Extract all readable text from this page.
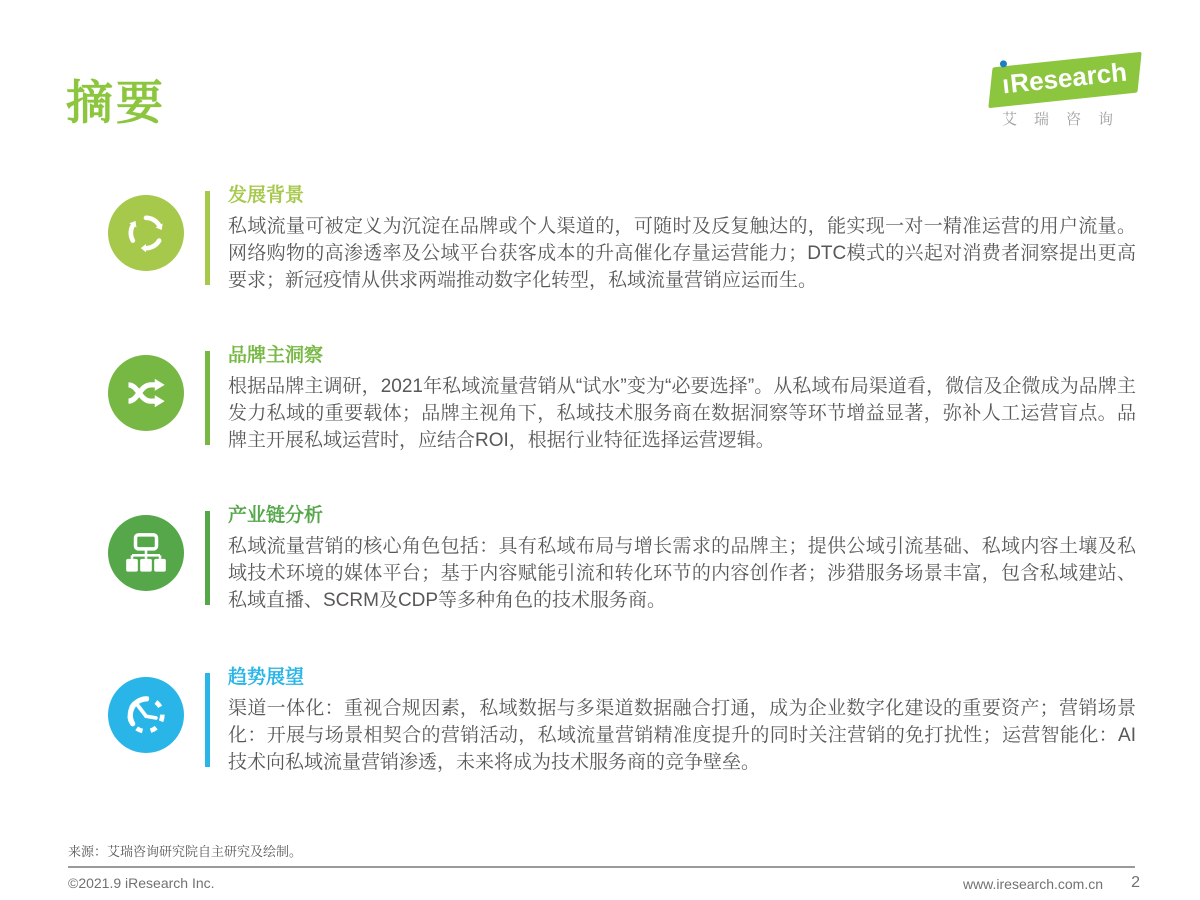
摘要	ı
Research
艾瑞咨询

发展背景

私域流量可被定义为沉淀在品牌或个人渠道的，可随时及反复触达的，能实现一对一精准运营的用户流量。网络购物的高渗透率及公域平台获客成本的升高催化存量运营能力；DTC模式的兴起对消费者洞察提出更高要求；新冠疫情从供求两端推动数字化转型，私域流量营销应运而生。

品牌主洞察

根据品牌主调研，2021年私域流量营销从“试水”变为“必要选择”。从私域布局渠道看，微信及企微成为品牌主发力私域的重要载体；品牌主视角下，私域技术服务商在数据洞察等环节增益显著，弥补人工运营盲点。品牌主开展私域运营时，应结合ROI，根据行业特征选择运营逻辑。

产业链分析

私域流量营销的核心角色包括：具有私域布局与增长需求的品牌主；提供公域引流基础、私域内容土壤及私域技术环境的媒体平台；基于内容赋能引流和转化环节的内容创作者；涉猎服务场景丰富，包含私域建站、私域直播、SCRM及CDP等多种角色的技术服务商。

趋势展望

渠道一体化：重视合规因素，私域数据与多渠道数据融合打通，成为企业数字化建设的重要资产；营销场景化：开展与场景相契合的营销活动，私域流量营销精准度提升的同时关注营销的免打扰性；运营智能化：AI技术向私域流量营销渗透，未来将成为技术服务商的竞争壁垒。

来源：艾瑞咨询研究院自主研究及绘制。
©2021.9 iResearch Inc.	www.iresearch.com.cn 2
